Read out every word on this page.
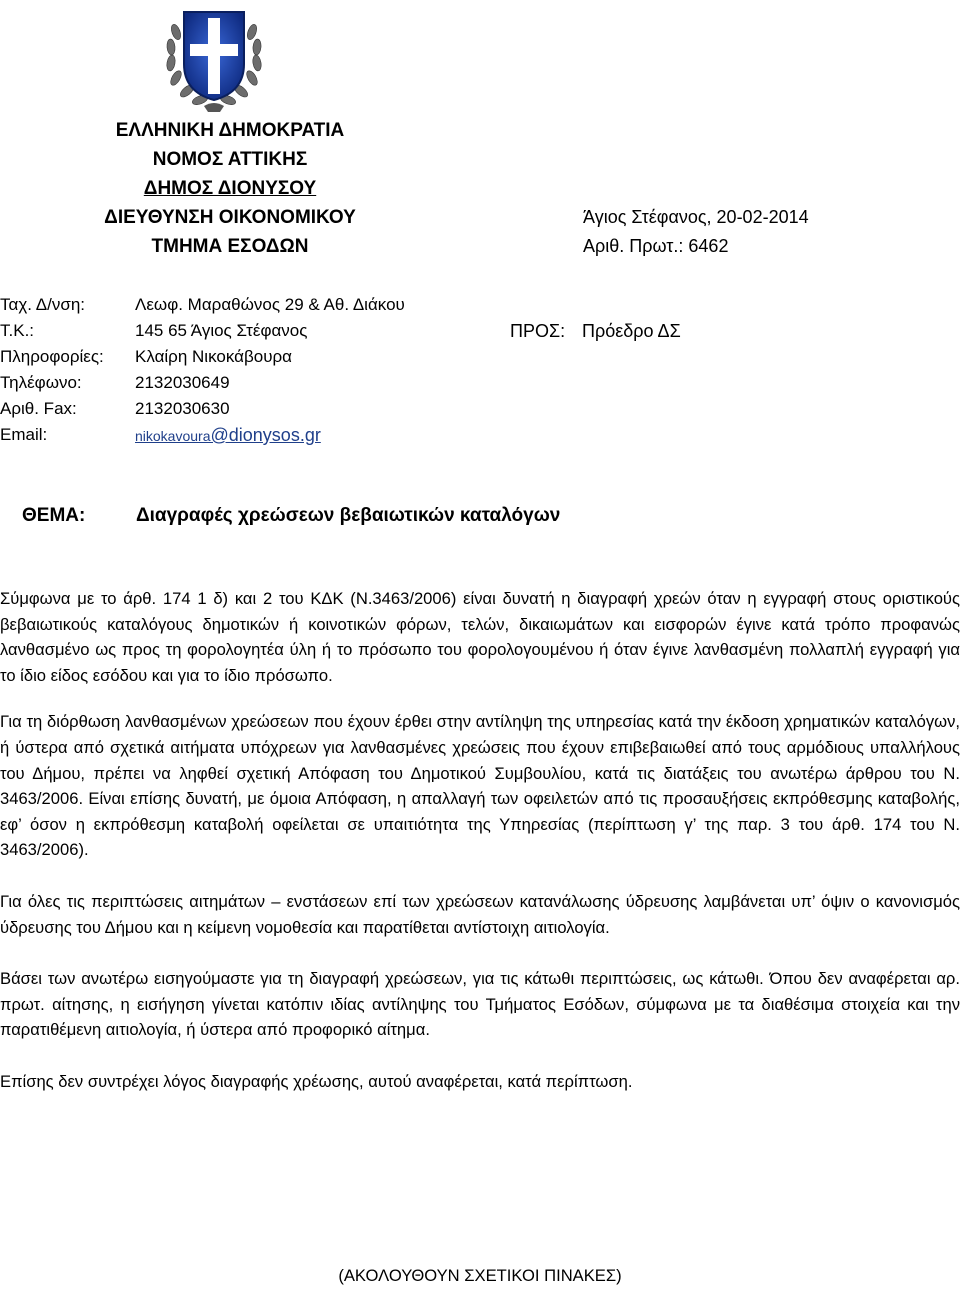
ΕΛΛΗΝΙΚΗ ΔΗΜΟΚΡΑΤΙΑ
ΝΟΜΟΣ ΑΤΤΙΚΗΣ
ΔΗΜΟΣ ΔΙΟΝΥΣΟΥ
ΔΙΕΥΘΥΝΣΗ ΟΙΚΟΝΟΜΙΚΟΥ
ΤΜΗΜΑ ΕΣΟΔΩΝ
Άγιος Στέφανος, 20-02-2014
Αριθ. Πρωτ.: 6462
Ταχ. Δ/νση:	Λεωφ. Μαραθώνος 29 & Αθ. Διάκου
Τ.Κ.:	145 65 Άγιος Στέφανος
Πληροφορίες: Κλαίρη Νικοκάβουρα
Τηλέφωνο:	2132030649
Αριθ. Fax:	2132030630
Email:	nikokavoura@dionysos.gr
ΠΡΟΣ: Πρόεδρο ΔΣ
ΘΕΜΑ:	Διαγραφές χρεώσεων βεβαιωτικών καταλόγων

Σύμφωνα με το άρθ. 174 1 δ) και 2 του ΚΔΚ (Ν.3463/2006) είναι δυνατή η διαγραφή χρεών όταν η εγγραφή στους οριστικούς βεβαιωτικούς καταλόγους δημοτικών ή κοινοτικών φόρων, τελών, δικαιωμάτων και εισφορών έγινε κατά τρόπο προφανώς λανθασμένο ως προς τη φορολογητέα ύλη ή το πρόσωπο του φορολογουμένου ή όταν έγινε λανθασμένη πολλαπλή εγγραφή για το ίδιο είδος εσόδου και για το ίδιο πρόσωπο.

Για τη διόρθωση λανθασμένων χρεώσεων που έχουν έρθει στην αντίληψη της υπηρεσίας κατά την έκδοση χρηματικών καταλόγων, ή ύστερα από σχετικά αιτήματα υπόχρεων για λανθασμένες χρεώσεις που έχουν επιβεβαιωθεί από τους αρμόδιους υπαλλήλους του Δήμου, πρέπει να ληφθεί σχετική Απόφαση του Δημοτικού Συμβουλίου, κατά τις διατάξεις του ανωτέρω άρθρου του Ν. 3463/2006. Είναι επίσης δυνατή, με όμοια Απόφαση, η απαλλαγή των οφειλετών από τις προσαυξήσεις εκπρόθεσμης καταβολής, εφ’ όσον η εκπρόθεσμη καταβολή οφείλεται σε υπαιτιότητα της Υπηρεσίας (περίπτωση γ’ της παρ. 3 του άρθ. 174 του Ν. 3463/2006).

Για όλες τις περιπτώσεις αιτημάτων – ενστάσεων επί των χρεώσεων κατανάλωσης ύδρευσης λαμβάνεται υπ’ όψιν ο κανονισμός ύδρευσης του Δήμου και η κείμενη νομοθεσία και παρατίθεται αντίστοιχη αιτιολογία.

Βάσει των ανωτέρω εισηγούμαστε για τη διαγραφή χρεώσεων, για τις κάτωθι περιπτώσεις, ως κάτωθι. Όπου δεν αναφέρεται αρ. πρωτ. αίτησης, η εισήγηση γίνεται κατόπιν ιδίας αντίληψης του Τμήματος Εσόδων, σύμφωνα με τα διαθέσιμα στοιχεία και την παρατιθέμενη αιτιολογία, ή ύστερα από προφορικό αίτημα.

Επίσης δεν συντρέχει λόγος διαγραφής χρέωσης, αυτού αναφέρεται, κατά περίπτωση.

(ΑΚΟΛΟΥΘΟΥΝ ΣΧΕΤΙΚΟΙ ΠΙΝΑΚΕΣ)
